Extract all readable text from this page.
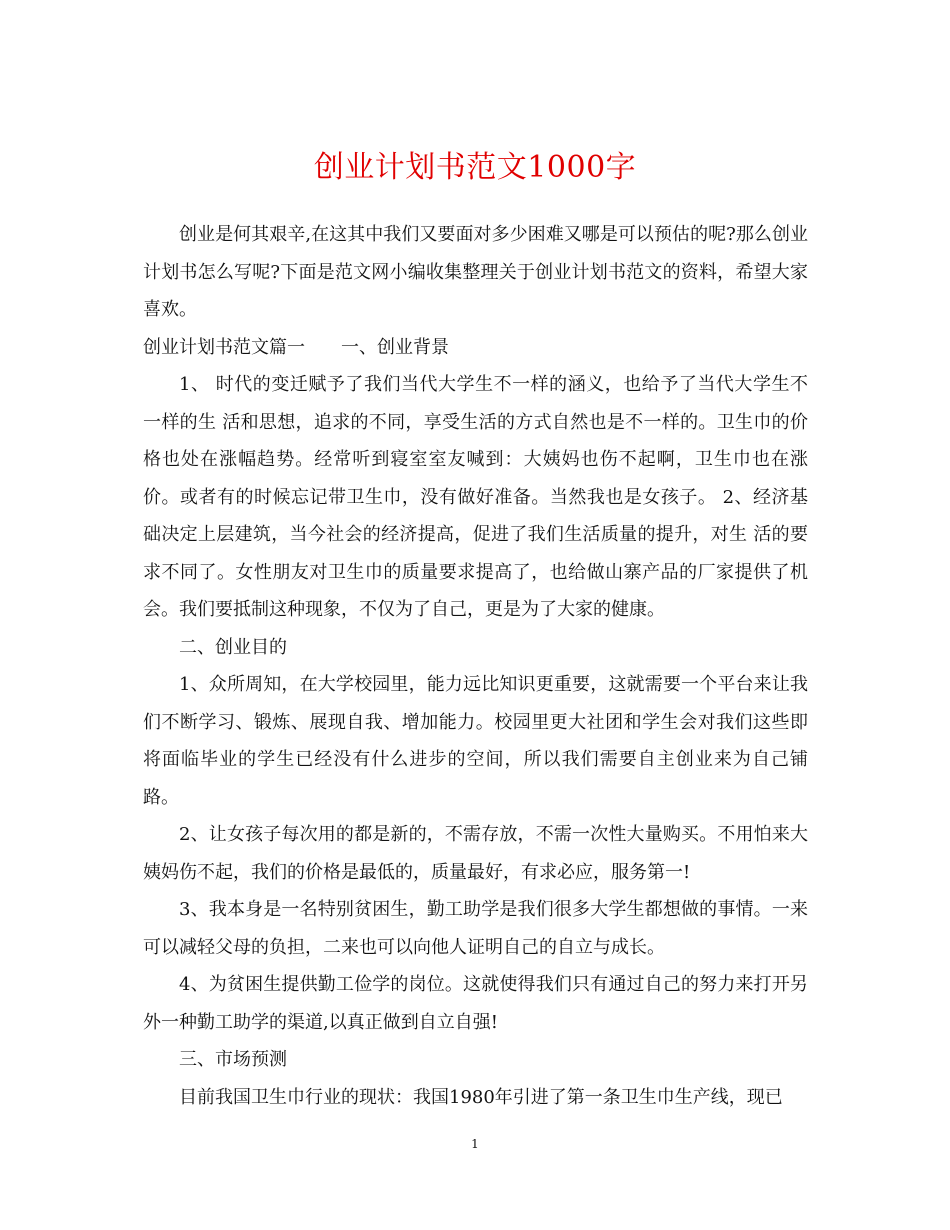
创业计划书范文1000字

创业是何其艰辛,在这其中我们又要面对多少困难又哪是可以预估的呢?那么创业计划书怎么写呢?下面是范文网小编收集整理关于创业计划书范文的资料，希望大家喜欢。

创业计划书范文篇一　　一、创业背景

1、 时代的变迁赋予了我们当代大学生不一样的涵义，也给予了当代大学生不一样的生 活和思想，追求的不同，享受生活的方式自然也是不一样的。卫生巾的价格也处在涨幅趋势。经常听到寝室室友喊到：大姨妈也伤不起啊，卫生巾也在涨价。或者有的时候忘记带卫生巾，没有做好准备。当然我也是女孩子。 2、经济基础决定上层建筑，当今社会的经济提高，促进了我们生活质量的提升，对生 活的要求不同了。女性朋友对卫生巾的质量要求提高了，也给做山寨产品的厂家提供了机会。我们要抵制这种现象，不仅为了自己，更是为了大家的健康。

二、创业目的

1、众所周知，在大学校园里，能力远比知识更重要，这就需要一个平台来让我们不断学习、锻炼、展现自我、增加能力。校园里更大社团和学生会对我们这些即将面临毕业的学生已经没有什么进步的空间，所以我们需要自主创业来为自己铺路。

2、让女孩子每次用的都是新的，不需存放，不需一次性大量购买。不用怕来大姨妈伤不起，我们的价格是最低的，质量最好，有求必应，服务第一!

3、我本身是一名特别贫困生，勤工助学是我们很多大学生都想做的事情。一来可以减轻父母的负担，二来也可以向他人证明自己的自立与成长。

4、为贫困生提供勤工俭学的岗位。这就使得我们只有通过自己的努力来打开另外一种勤工助学的渠道,以真正做到自立自强!

三、市场预测

目前我国卫生巾行业的现状：我国1980年引进了第一条卫生巾生产线，现已

1
